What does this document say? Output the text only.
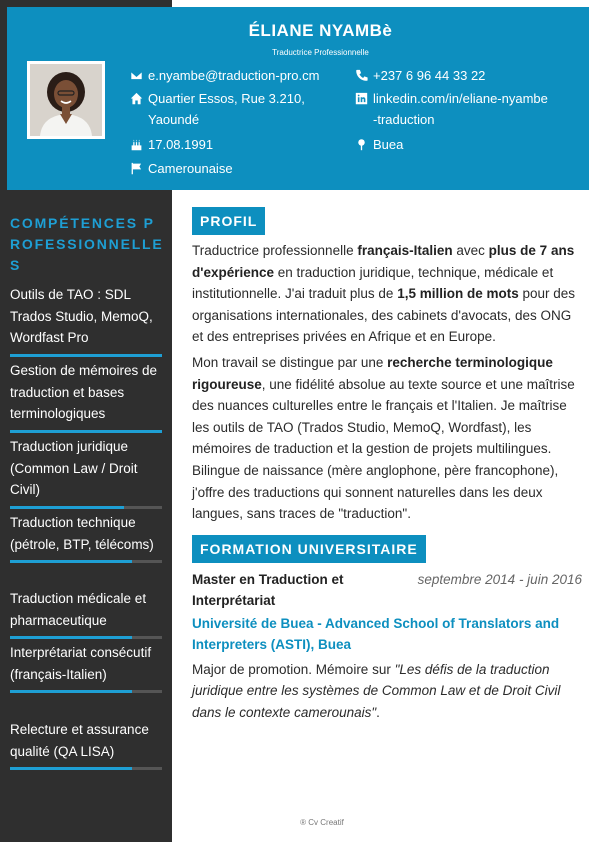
ÉLIANE NYAMBè
Traductrice Professionnelle
e.nyambe@traduction-pro.cm	+237 6 96 44 33 22
Quartier Essos, Rue 3.210,
Yaoundé
linkedin.com/in/eliane-nyambe
-traduction
17.08.1991	Buea
Camerounaise
COMPÉTENCES PROFESSIONNELLES
Outils de TAO : SDL Trados Studio, MemoQ, Wordfast Pro
Gestion de mémoires de traduction et bases terminologiques
Traduction juridique (Common Law / Droit Civil)
Traduction technique (pétrole, BTP, télécoms)
Traduction médicale et pharmaceutique
Interprétariat consécutif (français-Italien)
Relecture et assurance qualité (QA LISA)
PROFIL

Traductrice professionnelle français-Italien avec plus de 7 ans d'expérience en traduction juridique, technique, médicale et institutionnelle. J'ai traduit plus de 1,5 million de mots pour des organisations internationales, des cabinets d'avocats, des ONG et des entreprises privées en Afrique et en Europe.

Mon travail se distingue par une recherche terminologique rigoureuse, une fidélité absolue au texte source et une maîtrise des nuances culturelles entre le français et l'Italien. Je maîtrise les outils de TAO (Trados Studio, MemoQ, Wordfast), les mémoires de traduction et la gestion de projets multilingues. Bilingue de naissance (mère anglophone, père francophone), j'offre des traductions qui sonnent naturelles dans les deux langues, sans traces de "traduction".

FORMATION UNIVERSITAIRE
Master en Traduction et Interprétariat
septembre 2014 - juin 2016
Université de Buea - Advanced School of Translators and Interpreters (ASTI), Buea
Major de promotion. Mémoire sur "Les défis de la traduction juridique entre les systèmes de Common Law et de Droit Civil dans le contexte camerounais".
® Cv Creatif
